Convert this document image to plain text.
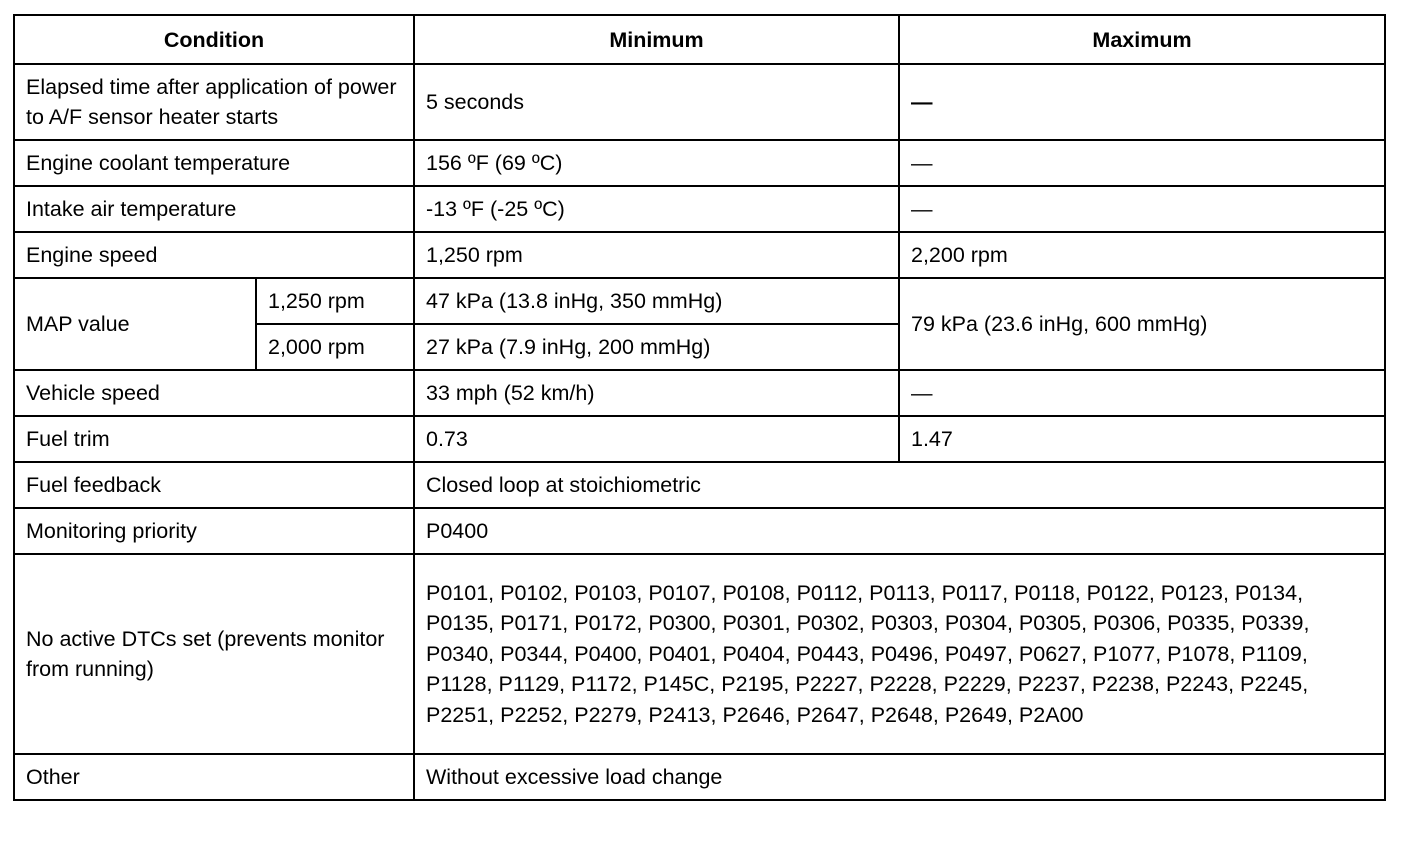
Condition		Minimum	Maximum
Elapsed time after application of power to A/F sensor heater starts		5 seconds	—
Engine coolant temperature		156 ºF (69 ºC)	—
Intake air temperature		-13 ºF (-25 ºC)	—
Engine speed		1,250 rpm	2,200 rpm
MAP value	1,250 rpm	47 kPa (13.8 inHg, 350 mmHg)	79 kPa (23.6 inHg, 600 mmHg)
	2,000 rpm	27 kPa (7.9 inHg, 200 mmHg)	
Vehicle speed		33 mph (52 km/h)	—
Fuel trim		0.73	1.47
Fuel feedback		Closed loop at stoichiometric	
Monitoring priority		P0400	
No active DTCs set (prevents monitor from running)		P0101, P0102, P0103, P0107, P0108, P0112, P0113, P0117, P0118, P0122, P0123, P0134, P0135, P0171, P0172, P0300, P0301, P0302, P0303, P0304, P0305, P0306, P0335, P0339, P0340, P0344, P0400, P0401, P0404, P0443, P0496, P0497, P0627, P1077, P1078, P1109, P1128, P1129, P1172, P145C, P2195, P2227, P2228, P2229, P2237, P2238, P2243, P2245, P2251, P2252, P2279, P2413, P2646, P2647, P2648, P2649, P2A00	
Other		Without excessive load change	
